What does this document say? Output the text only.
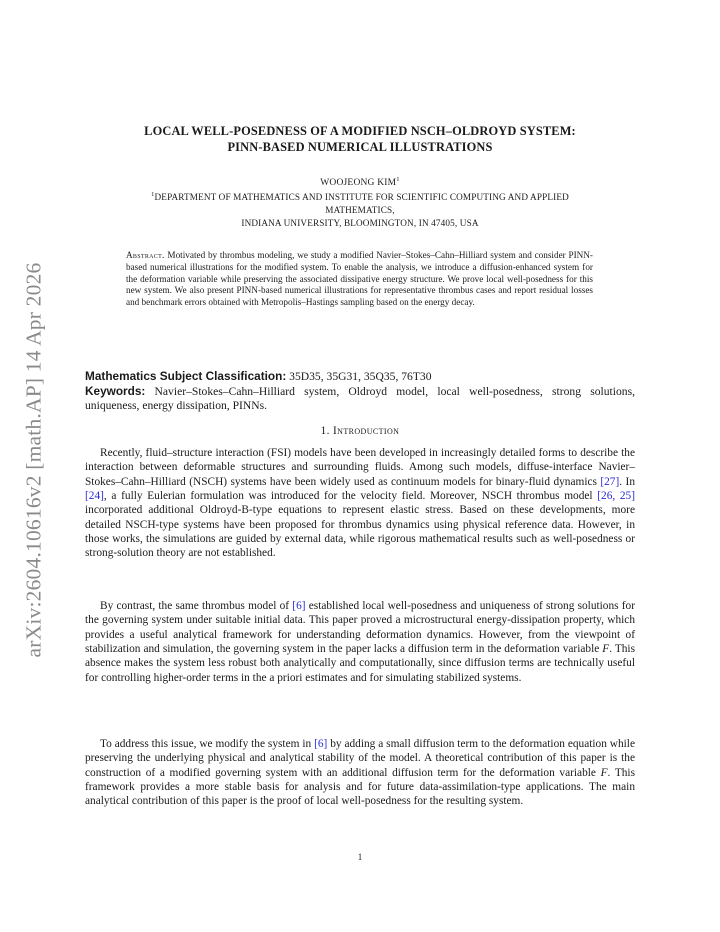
arXiv:2604.10616v2 [math.AP] 14 Apr 2026
LOCAL WELL-POSEDNESS OF A MODIFIED NSCH–OLDROYD SYSTEM:
PINN-BASED NUMERICAL ILLUSTRATIONS
WOOJEONG KIM$^1$
$^1$DEPARTMENT OF MATHEMATICS AND INSTITUTE FOR SCIENTIFIC COMPUTING AND APPLIED
MATHEMATICS,
INDIANA UNIVERSITY, BLOOMINGTON, IN 47405, USA
Abstract. Motivated by thrombus modeling, we study a modified Navier–Stokes–Cahn–Hilliard system and consider PINN-based numerical illustrations for the modified system. To enable the analysis, we introduce a diffusion-enhanced system for the deformation variable while preserving the associated dissipative energy structure. We prove local well-posedness for this new system. We also present PINN-based numerical illustrations for representative thrombus cases and report residual losses and benchmark errors obtained with Metropolis–Hastings sampling based on the energy decay.
Mathematics Subject Classification: 35D35, 35G31, 35Q35, 76T30
Keywords: Navier–Stokes–Cahn–Hilliard system, Oldroyd model, local well-posedness, strong solutions, uniqueness, energy dissipation, PINNs.
1. Introduction

Recently, fluid–structure interaction (FSI) models have been developed in increasingly detailed forms to describe the interaction between deformable structures and surrounding fluids. Among such models, diffuse-interface Navier–Stokes–Cahn–Hilliard (NSCH) systems have been widely used as continuum models for binary-fluid dynamics [27]. In [24], a fully Eulerian formulation was introduced for the velocity field. Moreover, NSCH thrombus model [26, 25] incorporated additional Oldroyd-B-type equations to represent elastic stress. Based on these developments, more detailed NSCH-type systems have been proposed for thrombus dynamics using physical reference data. However, in those works, the simulations are guided by external data, while rigorous mathematical results such as well-posedness or strong-solution theory are not established.

By contrast, the same thrombus model of [6] established local well-posedness and uniqueness of strong solutions for the governing system under suitable initial data. This paper proved a microstructural energy-dissipation property, which provides a useful analytical framework for understanding deformation dynamics. However, from the viewpoint of stabilization and simulation, the governing system in the paper lacks a diffusion term in the deformation variable F. This absence makes the system less robust both analytically and computationally, since diffusion terms are technically useful for controlling higher-order terms in the a priori estimates and for simulating stabilized systems.

To address this issue, we modify the system in [6] by adding a small diffusion term to the deformation equation while preserving the underlying physical and analytical stability of the model. A theoretical contribution of this paper is the construction of a modified governing system with an additional diffusion term for the deformation variable F. This framework provides a more stable basis for analysis and for future data-assimilation-type applications. The main analytical contribution of this paper is the proof of local well-posedness for the resulting system.

1
